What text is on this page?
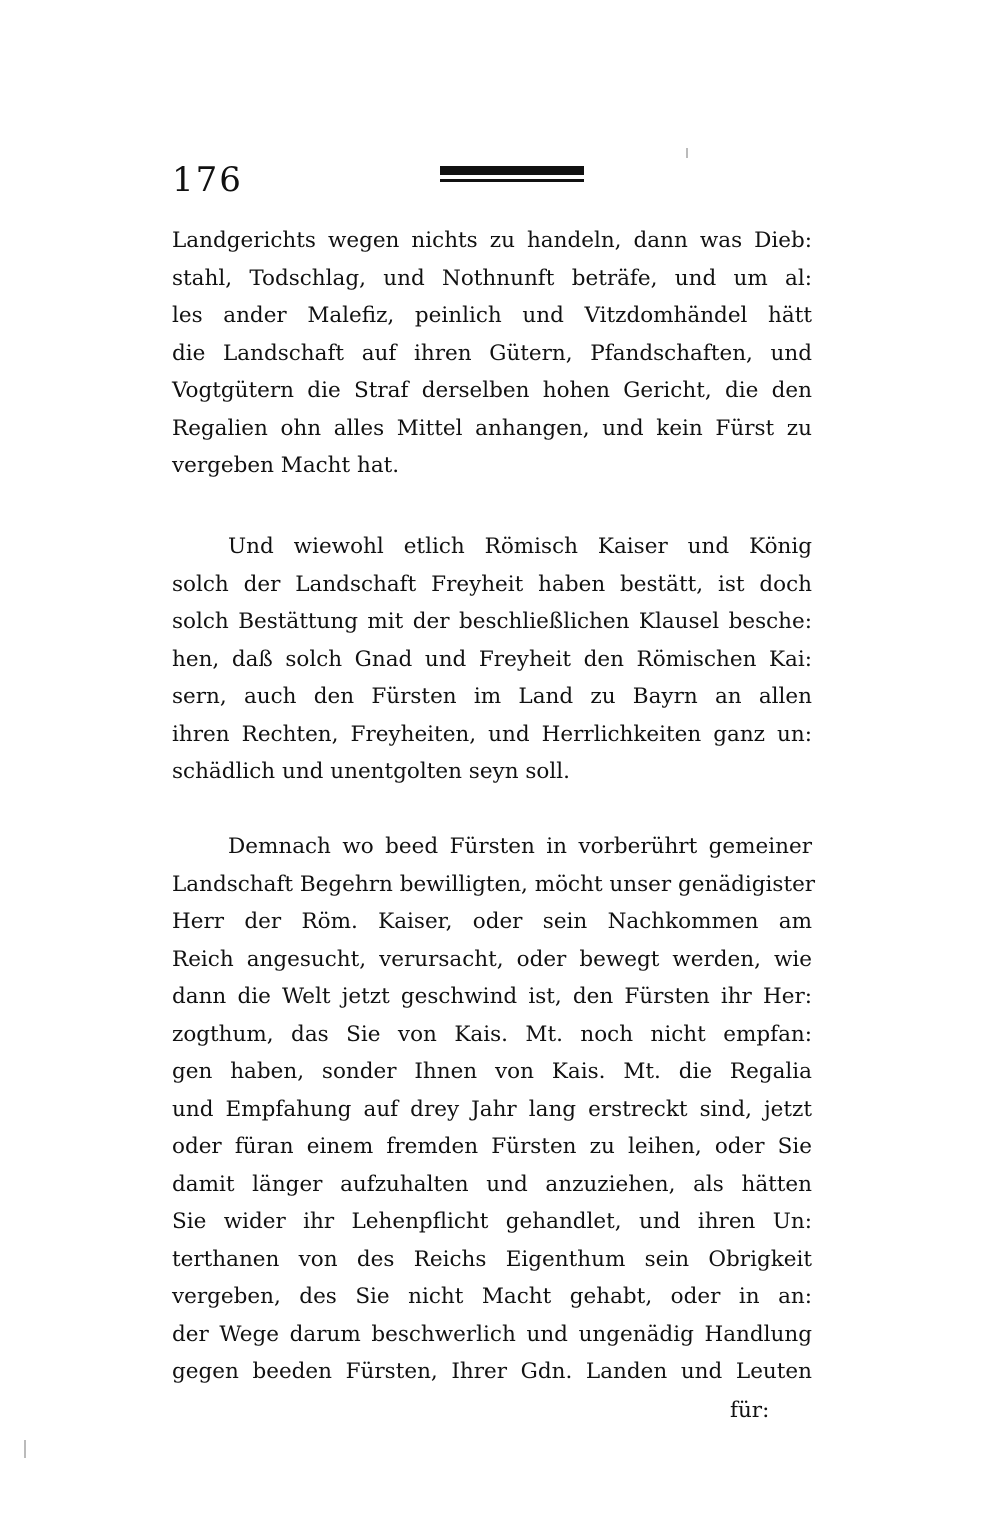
176
Landgerichts wegen nichts zu handeln, dann was Dieb:
stahl, Todschlag, und Nothnunft beträfe, und um al:
les ander Malefiz, peinlich und Vitzdomhändel hätt
die Landschaft auf ihren Gütern, Pfandschaften, und
Vogtgütern die Straf derselben hohen Gericht, die den
Regalien ohn alles Mittel anhangen, und kein Fürst zu
vergeben Macht hat.
Und wiewohl etlich Römisch Kaiser und König
solch der Landschaft Freyheit haben bestätt, ist doch
solch Bestättung mit der beschließlichen Klausel besche:
hen, daß solch Gnad und Freyheit den Römischen Kai:
sern, auch den Fürsten im Land zu Bayrn an allen
ihren Rechten, Freyheiten, und Herrlichkeiten ganz un:
schädlich und unentgolten seyn soll.
Demnach wo beed Fürsten in vorberührt gemeiner
Landschaft Begehrn bewilligten, möcht unser genädigister
Herr der Röm. Kaiser, oder sein Nachkommen am
Reich angesucht, verursacht, oder bewegt werden, wie
dann die Welt jetzt geschwind ist, den Fürsten ihr Her:
zogthum, das Sie von Kais. Mt. noch nicht empfan:
gen haben, sonder Ihnen von Kais. Mt. die Regalia
und Empfahung auf drey Jahr lang erstreckt sind, jetzt
oder füran einem fremden Fürsten zu leihen, oder Sie
damit länger aufzuhalten und anzuziehen, als hätten
Sie wider ihr Lehenpflicht gehandlet, und ihren Un:
terthanen von des Reichs Eigenthum sein Obrigkeit
vergeben, des Sie nicht Macht gehabt, oder in an:
der Wege darum beschwerlich und ungenädig Handlung
gegen beeden Fürsten, Ihrer Gdn. Landen und Leuten
für:
